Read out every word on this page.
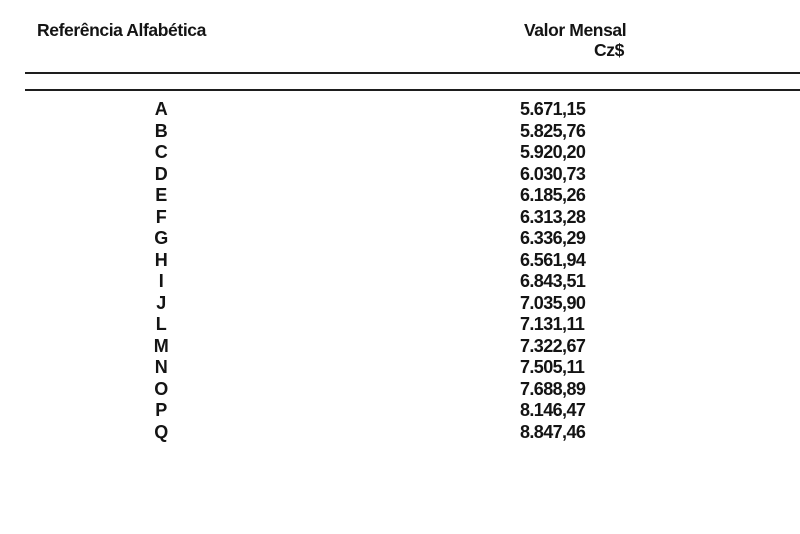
Referência Alfabética	Valor Mensal
Cz$
A	5.671,15
B	5.825,76
C	5.920,20
D	6.030,73
E	6.185,26
F	6.313,28
G	6.336,29
H	6.561,94
I	6.843,51
J	7.035,90
L	7.131,11
M	7.322,67
N	7.505,11
O	7.688,89
P	8.146,47
Q	8.847,46
